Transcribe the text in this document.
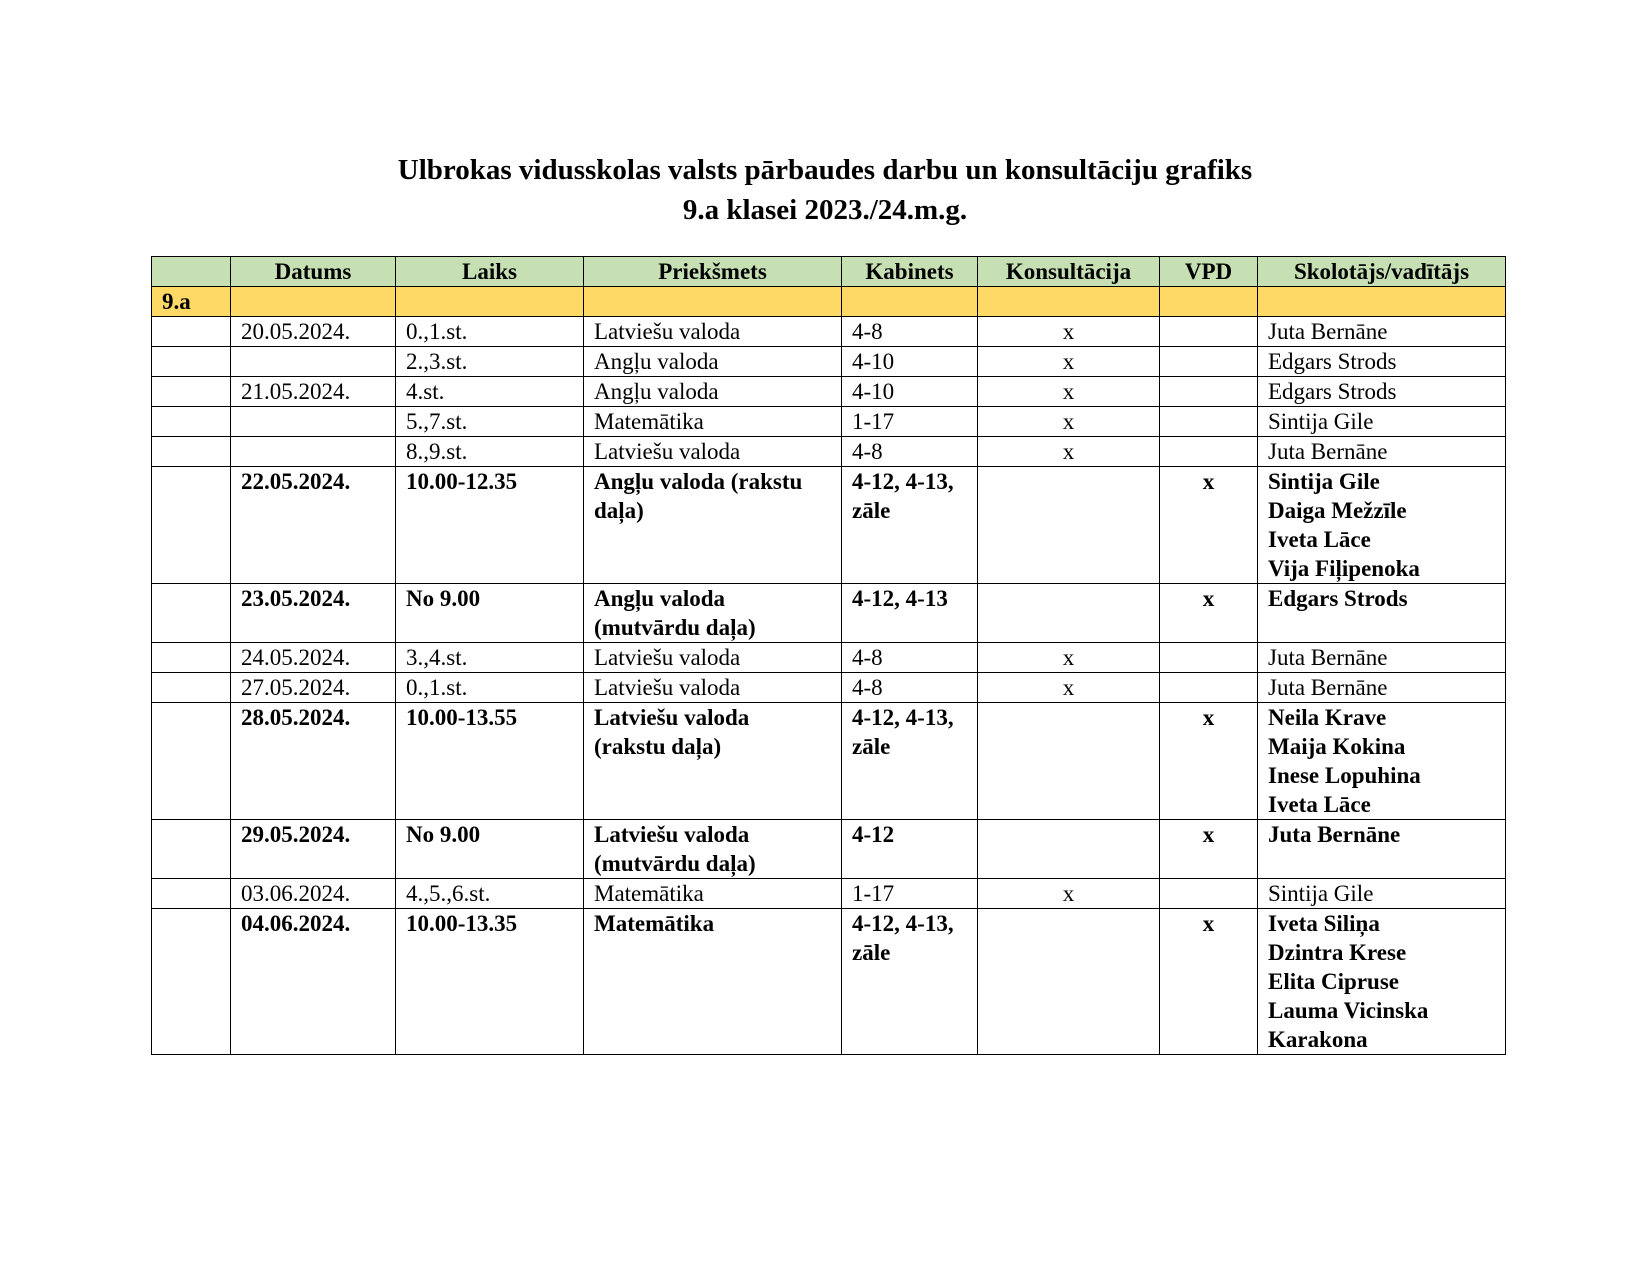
Ulbrokas vidusskolas valsts pārbaudes darbu un konsultāciju grafiks
9.a klasei 2023./24.m.g.
	Datums	Laiks	Priekšmets	Kabinets	Konsultācija	VPD	Skolotājs/vadītājs
9.a							
	20.05.2024.	0.,1.st.	Latviešu valoda	4-8	x		Juta Bernāne

		2.,3.st.	Angļu valoda	4-10	x		Edgars Strods

	21.05.2024.	4.st.	Angļu valoda	4-10	x		Edgars Strods

		5.,7.st.	Matemātika	1-17	x		Sintija Gile

		8.,9.st.	Latviešu valoda	4-8	x		Juta Bernāne

	22.05.2024.	10.00-12.35	Angļu valoda (rakstu
daļa)	4-12, 4-13,
zāle		x	Sintija Gile
Daiga Mežzīle
Iveta Lāce
Vija Fiļipenoka

	23.05.2024.	No 9.00	Angļu valoda
(mutvārdu daļa)	4-12, 4-13		x	Edgars Strods

	24.05.2024.	3.,4.st.	Latviešu valoda	4-8	x		Juta Bernāne

	27.05.2024.	0.,1.st.	Latviešu valoda	4-8	x		Juta Bernāne

	28.05.2024.	10.00-13.55	Latviešu valoda
(rakstu daļa)	4-12, 4-13,
zāle		x	Neila Krave
Maija Kokina
Inese Lopuhina
Iveta Lāce

	29.05.2024.	No 9.00	Latviešu valoda
(mutvārdu daļa)	4-12		x	Juta Bernāne

	03.06.2024.	4.,5.,6.st.	Matemātika	1-17	x		Sintija Gile

	04.06.2024.	10.00-13.35	Matemātika	4-12, 4-13,
zāle		x	Iveta Siliņa
Dzintra Krese
Elita Cipruse
Lauma Vicinska
Karakona
